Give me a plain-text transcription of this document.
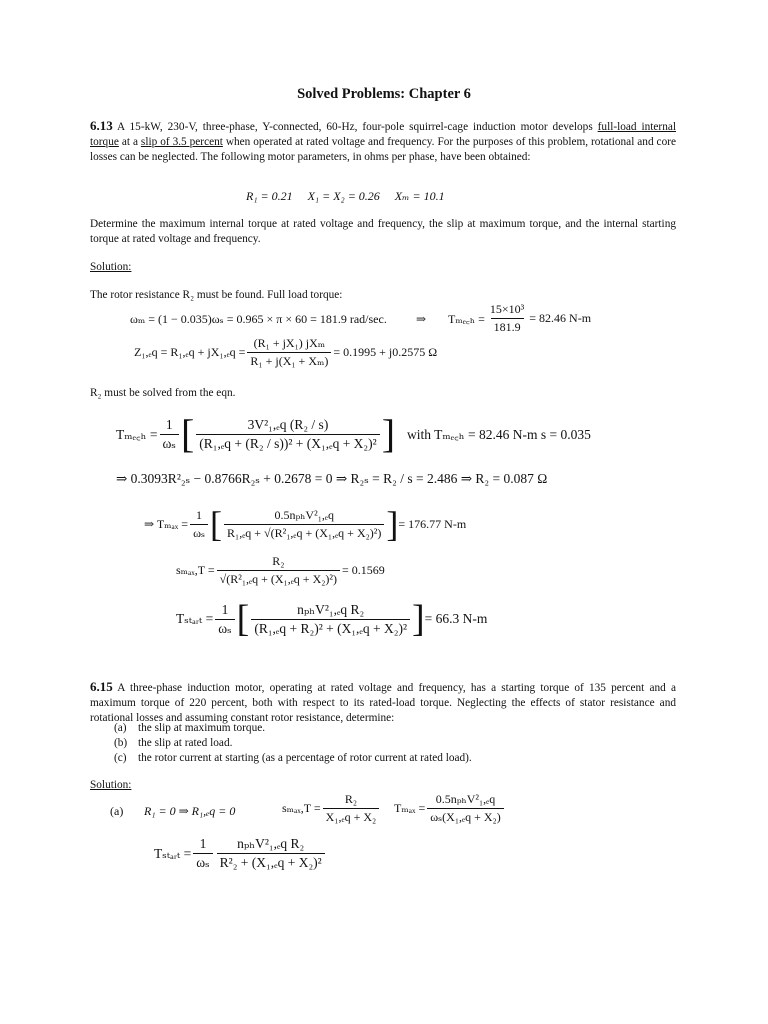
Solved Problems: Chapter 6
6.13 A 15-kW, 230-V, three-phase, Y-connected, 60-Hz, four-pole squirrel-cage induction motor develops full-load internal torque at a slip of 3.5 percent when operated at rated voltage and frequency. For the purposes of this problem, rotational and core losses can be neglected. The following motor parameters, in ohms per phase, have been obtained:
R₁ = 0.21     X₁ = X₂ = 0.26     Xₘ = 10.1
Determine the maximum internal torque at rated voltage and frequency, the slip at maximum torque, and the internal starting torque at rated voltage and frequency.
Solution:
The rotor resistance R₂ must be found. Full load torque:
ωₘ = (1 − 0.035)ωₛ = 0.965 × π × 60 = 181.9 rad/sec. ⇒ Tₘₑ꜀ₕ = $\frac{\text{15×10³}}{181.9} = 82.46$ N-m
$Z_1,_eq = R_1,_eq + jX_1,_eq = \frac{\text{(R₁ + jX₁) jXₘ}}{\text{R₁ + j(X₁ + Xₘ)}} = 0.1995 + j0.2575$ Ω
R₂ must be solved from the eqn.
Tₘₑ꜀ₕ = $\frac{1}{\text{ωₛ}}$ [ $\frac{\text{3V²₁,ₑq (R₂ / s)}}{\text{(R₁,ₑq + (R₂ / s))² + (X₁,ₑq + X₂)²}}$ ] with Tₘₑ꜀ₕ = 82.46 N-m s = 0.035
⇒ 0.3093R²₂ₛ − 0.8766R₂ₛ + 0.2678 = 0 ⇒ R₂ₛ = R₂ / s = 2.486 ⇒ R₂ = 0.087 Ω
⇒ $T_{max} = \frac{1}{\text{ωₛ}}$ [ $\frac{\text{0.5nₚₕV²₁,ₑq}}{\text{R₁,ₑq + √(R²₁,ₑq + (X₁,ₑq + X₂)²)}}$ ] = 176.77 N-m
$s_{max},T = \frac{\text{R₂}}{\text{√(R²₁,ₑq + (X₁,ₑq + X₂)²)}} = 0.1569$
Tₛₜₐᵣₜ = $\frac{1}{\text{ωₛ}}$ [ $\frac{\text{nₚₕV²₁,ₑq R₂}}{\text{(R₁,ₑq + R₂)² + (X₁,ₑq + X₂)²}}$ ] = 66.3 N-m
6.15 A three-phase induction motor, operating at rated voltage and frequency, has a starting torque of 135 percent and a maximum torque of 220 percent, both with respect to its rated-load torque. Neglecting the effects of stator resistance and rotational losses and assuming constant rotor resistance, determine:
(a) the slip at maximum torque.
(b) the slip at rated load.
(c) the rotor current at starting (as a percentage of rotor current at rated load).
Solution:
(a) R₁ = 0 ⇒ R₁,ₑq = 0	$s_{max},T = \frac{\text{R₂}}{\text{X₁,ₑq + X₂}}$ $T_{max} = \frac{\text{0.5nₚₕV²₁,ₑq}}{\text{ωₛ(X₁,ₑq + X₂)}}$
Tₛₜₐᵣₜ = $\frac{1}{\text{ωₛ}} \frac{\text{nₚₕV²₁,ₑq R₂}}{\text{R²₂ + (X₁,ₑq + X₂)²}}$
